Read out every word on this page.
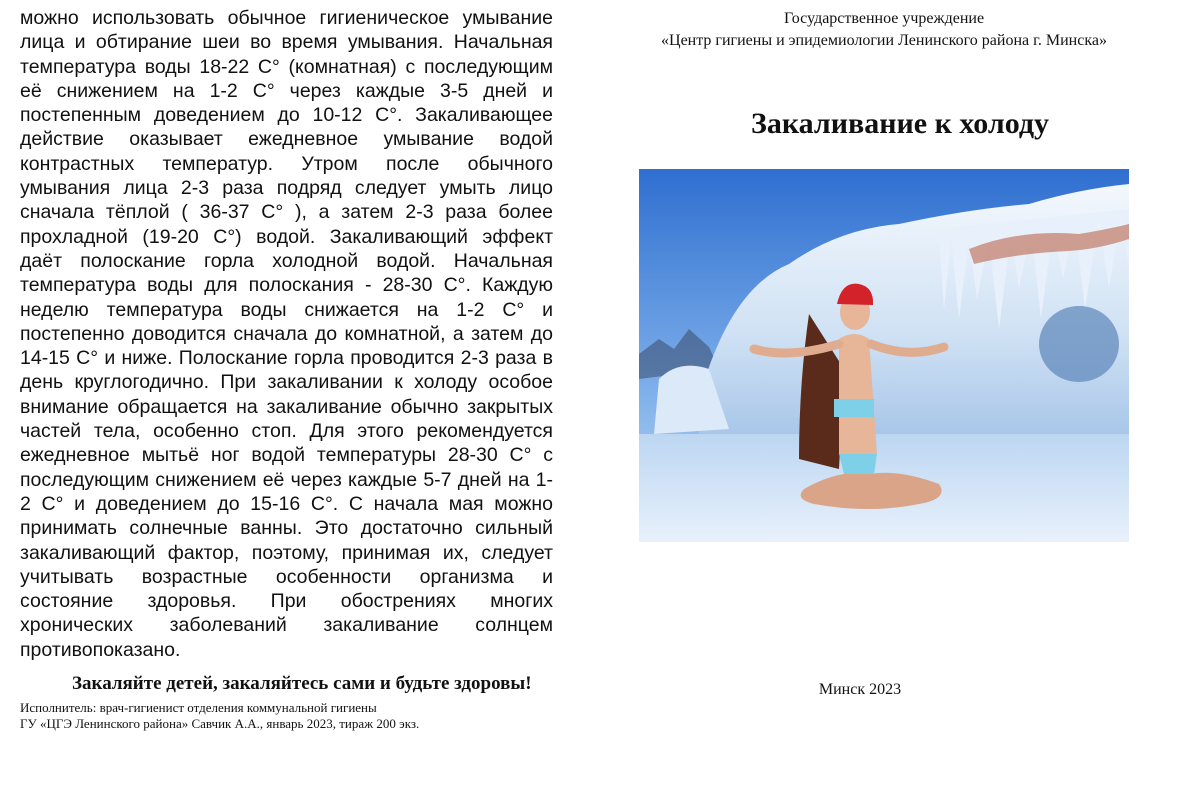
можно использовать обычное гигиеническое умывание лица и обтирание шеи во время умывания. Начальная температура воды 18-22 С° (комнатная) с последующим её снижением на 1-2 С° через каждые 3-5 дней и постепенным доведением до 10-12 С°. Закаливающее действие оказывает ежедневное умывание водой контрастных температур. Утром после обычного умывания лица 2-3 раза подряд следует умыть лицо сначала тёплой ( 36-37 С° ), а затем 2-3 раза более прохладной (19-20 С°) водой. Закаливающий эффект даёт полоскание горла холодной водой. Начальная температура воды для полоскания - 28-30 С°. Каждую неделю температура воды снижается на 1-2 С° и постепенно доводится сначала до комнатной, а затем до 14-15 С° и ниже. Полоскание горла проводится 2-3 раза в день круглогодично. При закаливании к холоду особое внимание обращается на закаливание обычно закрытых частей тела, особенно стоп. Для этого рекомендуется ежедневное мытьё ног водой температуры 28-30 С° с последующим снижением её через каждые 5-7 дней на 1-2 С° и доведением до 15-16 С°. С начала мая можно принимать солнечные ванны. Это достаточно сильный закаливающий фактор, поэтому, принимая их, следует учитывать возрастные особенности организма и состояние здоровья. При обострениях многих хронических заболеваний закаливание солнцем противопоказано.

Закаляйте детей, закаляйтесь сами и будьте здоровы!

Исполнитель: врач-гигиенист отделения коммунальной гигиены

ГУ «ЦГЭ Ленинского района» Савчик А.А., январь 2023, тираж 200 экз.

Государственное учреждение
«Центр гигиены и эпидемиологии Ленинского района г. Минска»
Закаливание к холоду
Минск 2023
